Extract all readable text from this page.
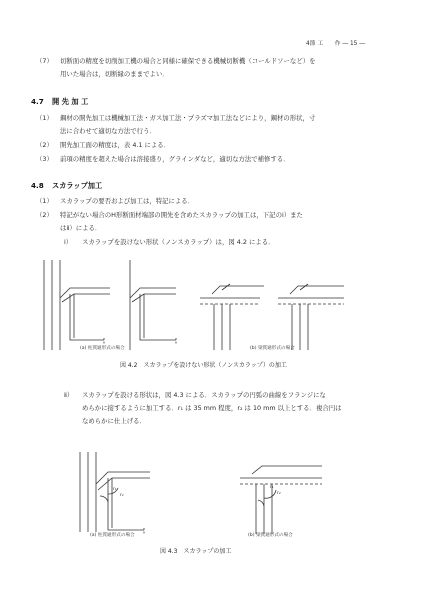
4節 工　　作 ― 15 ―
（7） 切断面の精度を切削加工機の場合と同様に確保できる機械切断機（コールドソーなど）を
用いた場合は，切断縁のままでよい．
4.7 開 先 加 工
（1） 鋼材の開先加工は機械加工法・ガス加工法・プラズマ加工法などにより，鋼材の形状，寸
法に合わせて適切な方法で行う．
（2） 開先加工面の精度は，表 4.1 による．
（3） 前項の精度を超えた場合は溶接盛り，グラインダなど，適切な方法で補修する．
4.8 スカラップ加工
（1） スカラップの要否および加工は，特記による．
（2） 特記がない場合のH形断面材端部の開先を含めたスカラップの加工は，下記のⅰ）また
はⅱ）による．
ⅰ） スカラップを設けない形状（ノンスカラップ）は，図 4.2 による．
(a) 柱貫通形式の場合	(b) 梁貫通形式の場合
図 4.2　スカラップを設けない形状（ノンスカラップ）の加工
ⅱ） スカラップを設ける形状は，図 4.3 による．スカラップの円弧の曲線をフランジにな
めらかに接するように加工する．r₁ は 35 mm 程度，r₂ は 10 mm 以上とする．複合円は
なめらかに仕上げる．
r₁
r₂
r₁
r₂
(a) 柱貫通形式の場合	(b) 梁貫通形式の場合
図 4.3　スカラップの加工
